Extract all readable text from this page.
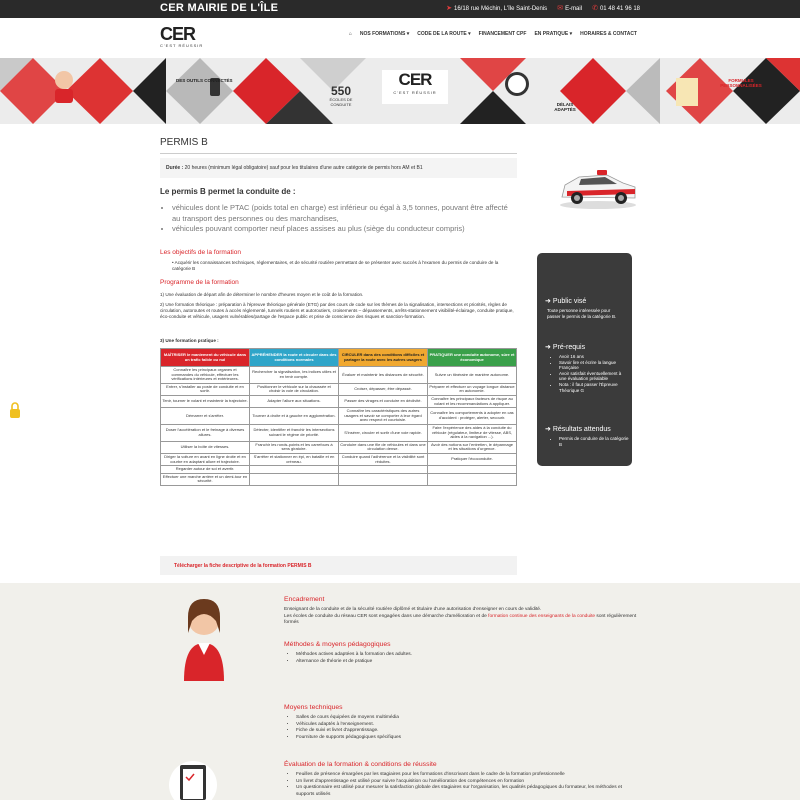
CER MAIRIE DE L'ÎLE	➤ 16/18 rue Méchin, L'île Saint-Denis ✉ E-mail ✆ 01 48 41 96 18
CER
C'EST RÉUSSIR
⌂ NOS FORMATIONS ▾ CODE DE LA ROUTE ▾ FINANCEMENT CPF EN PRATIQUE ▾ HORAIRES & CONTACT
DES OUTILS CONNECTÉS	CER
C'EST RÉUSSIR
550
ÉCOLES DE CONDUITE	DÉLAIS ADAPTÉS
FORMULES PERSONNALISÉES
PERMIS B
Durée : 20 heures (minimum légal obligatoire) sauf pour les titulaires d'une autre catégorie de permis hors AM et B1
Le permis B permet la conduite de :
• véhicules dont le PTAC (poids total en charge) est inférieur ou égal à 3,5 tonnes, pouvant être affecté au transport des personnes ou des marchandises,
• véhicules pouvant comporter neuf places assises au plus (siège du conducteur compris)
Les objectifs de la formation
• Acquérir les connaissances techniques, réglementaires, et de sécurité routière permettant de se présenter avec succès à l'examen du permis de conduire de la catégorie B
Programme de la formation
1) Une évaluation de départ afin de déterminer le nombre d'heures moyen et le coût de la formation.
2) Une formation théorique : préparation à l'épreuve théorique générale (ETG) par des cours de code sur les thèmes de la signalisation, intersections et priorités, règles de circulation, autoroutes et routes à accès réglementé, tunnels routiers et autoroutiers, croisements – dépassements, arrêts-stationnement visibilité-éclairage, conduite pratique, éco-conduite et véhicule, usagers vulnérables/partage de l'espace public et prise de conscience des risques et sanction-formation.
3) Une formation pratique :
MAÎTRISER le maniement du véhicule dans un trafic faible ou nul	APPRÉHENDER la route et circuler dans des conditions normales	CIRCULER dans des conditions difficiles et partager la route avec les autres usagers	PRATIQUER une conduite autonome, sûre et économique
Connaître les principaux organes et commandes du véhicule, effectuer les vérifications intérieures et extérieures.	Rechercher la signalisation, les indices utiles et en tenir compte.	Évaluer et maintenir les distances de sécurité.	Suivre un itinéraire de manière autonome.
Entrer, s'installer au poste de conduite et en sortir.	Positionner le véhicule sur la chaussée et choisir la voie de circulation.	Croiser, dépasser, être dépassé.	Préparer et effectuer un voyage longue distance en autonomie.
Tenir, tourner le volant et maintenir la trajectoire.	Adapter l'allure aux situations.	Passer des virages et conduire en déclivité.	Connaître les principaux facteurs de risque au volant et les recommandations à appliquer.
Démarrer et s'arrêter.	Tourner à droite et à gauche en agglomération.	Connaître les caractéristiques des autres usagers et savoir se comporter à leur égard avec respect et courtoisie.	Connaître les comportements à adopter en cas d'accident : protéger, alerter, secourir.
Doser l'accélération et le freinage à diverses allures.	Détecter, identifier et franchir les intersections suivant le régime de priorité.	S'insérer, circuler et sortir d'une voie rapide.	Faire l'expérience des aides à la conduite du véhicule (régulateur, limiteur de vitesse, ABS, aides à la navigation ...).
Utiliser la boîte de vitesses.	Franchir les ronds-points et les carrefours à sens giratoire.	Conduire dans une file de véhicules et dans une circulation dense.	Avoir des notions sur l'entretien, le dépannage et les situations d'urgence.
Diriger la voiture en avant en ligne droite et en courbe en adaptant allure et trajectoire.	S'arrêter et stationner en épi, en bataille et en créneau.	Conduire quand l'adhérence et la visibilité sont réduites.	Pratiquer l'écoconduite.
Regarder autour de soi et avertir.			
Effectuer une marche arrière et un demi-tour en sécurité.			
Télécharger la fiche descriptive de la formation PERMIS B
➜ Public visé
Toute personne intéressée pour passer le permis de la catégorie B.
➜ Pré-requis
• Avoir 16 ans
• Savoir lire et écrire la langue Française
• Avoir satisfait éventuellement à une évaluation préalable
• Nota : il faut passer l'Épreuve Théorique G
➜ Résultats attendus
• Permis de conduire de la catégorie B
Encadrement
Enseignant de la conduite et de la sécurité routière diplômé et titulaire d'une autorisation d'enseigner en cours de validité.
Les écoles de conduite du réseau CER sont engagées dans une démarche d'amélioration et de formation continue des enseignants de la conduite sont régulièrement formés
Méthodes & moyens pédagogiques
• Méthodes actives adaptées à la formation des adultes.
• Alternance de théorie et de pratique
Moyens techniques
• Salles de cours équipées de moyens multimédia
• Véhicules adaptés à l'enseignement.
• Fiche de suivi et livret d'apprentissage.
• Fourniture de supports pédagogiques spécifiques
Évaluation de la formation & conditions de réussite
• Feuilles de présence émargées par les stagiaires pour les formations d'inscrivant dans le cadre de la formation professionnelle
• Un livret d'apprentissage est utilisé pour suivre l'acquisition ou l'amélioration des compétences en formation
• Un questionnaire est utilisé pour mesurer la satisfaction globale des stagiaires sur l'organisation, les qualités pédagogiques du formateur, les méthodes et supports utilisés
